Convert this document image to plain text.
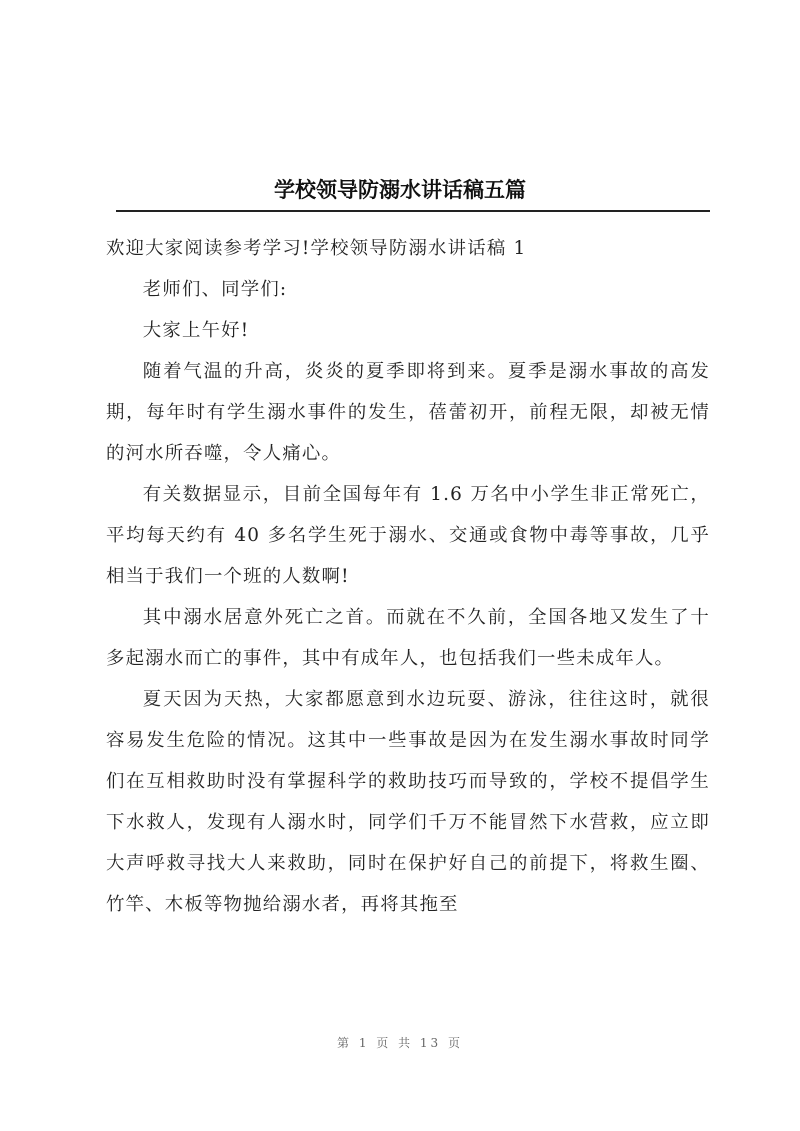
学校领导防溺水讲话稿五篇

欢迎大家阅读参考学习!学校领导防溺水讲话稿 1

老师们、同学们:

大家上午好!

随着气温的升高，炎炎的夏季即将到来。夏季是溺水事故的高发期，每年时有学生溺水事件的发生，蓓蕾初开，前程无限，却被无情的河水所吞噬，令人痛心。

有关数据显示，目前全国每年有 1.6 万名中小学生非正常死亡，平均每天约有 40 多名学生死于溺水、交通或食物中毒等事故，几乎相当于我们一个班的人数啊!

其中溺水居意外死亡之首。而就在不久前，全国各地又发生了十多起溺水而亡的事件，其中有成年人，也包括我们一些未成年人。

夏天因为天热，大家都愿意到水边玩耍、游泳，往往这时，就很容易发生危险的情况。这其中一些事故是因为在发生溺水事故时同学们在互相救助时没有掌握科学的救助技巧而导致的，学校不提倡学生下水救人，发现有人溺水时，同学们千万不能冒然下水营救，应立即大声呼救寻找大人来救助，同时在保护好自己的前提下，将救生圈、竹竿、木板等物抛给溺水者，再将其拖至

第 1 页 共 13 页
